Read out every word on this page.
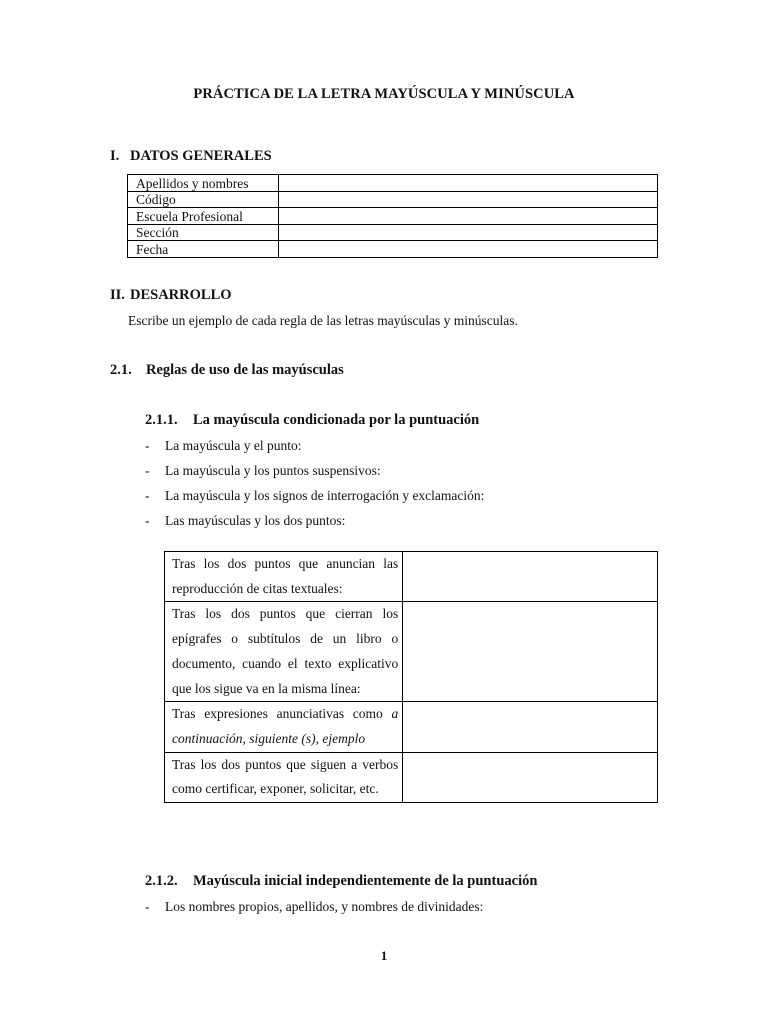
PRÁCTICA DE LA LETRA MAYÚSCULA Y MINÚSCULA
I. DATOS GENERALES
Apellidos y nombres	
Código	
Escuela Profesional	
Sección	
Fecha	
II. DESARROLLO
Escribe un ejemplo de cada regla de las letras mayúsculas y minúsculas.
2.1. Reglas de uso de las mayúsculas
2.1.1. La mayúscula condicionada por la puntuación
- La mayúscula y el punto:
- La mayúscula y los puntos suspensivos:
- La mayúscula y los signos de interrogación y exclamación:
- Las mayúsculas y los dos puntos:
Tras los dos puntos que anuncian las reproducción de citas textuales:	
Tras los dos puntos que cierran los epígrafes o subtítulos de un libro o documento, cuando el texto explicativo que los sigue va en la misma línea:	
Tras expresiones anunciativas como a continuación, siguiente (s), ejemplo	
Tras los dos puntos que siguen a verbos como certificar, exponer, solicitar, etc.	
2.1.2. Mayúscula inicial independientemente de la puntuación
- Los nombres propios, apellidos, y nombres de divinidades:
1
